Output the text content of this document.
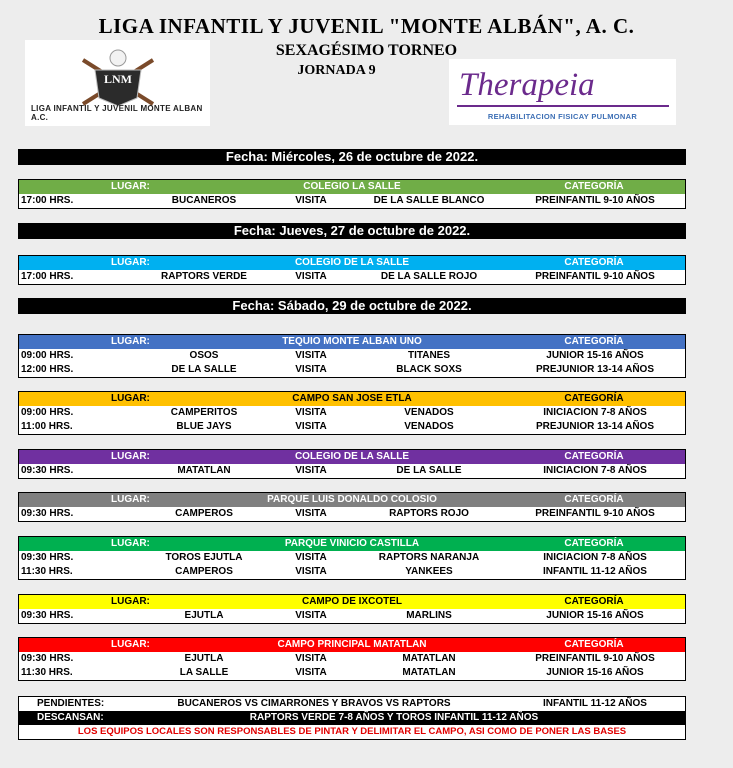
LIGA INFANTIL Y JUVENIL "MONTE ALBÁN", A. C.
SEXAGÉSIMO TORNEO
JORNADA 9
LNM
LIGA INFANTIL Y JUVENIL MONTE ALBAN A.C.
Therapeia
REHABILITACION FISICAY PULMONAR
Fecha: Miércoles, 26 de octubre de 2022.
Fecha: Jueves, 27 de octubre de 2022.
Fecha: Sábado, 29 de octubre de 2022.
COLEGIO LA SALLE
LUGAR:	CATEGORÍA
17:00 HRS.	BUCANEROS	VISITA	DE LA SALLE BLANCO	PREINFANTIL 9-10 AÑOS
COLEGIO DE LA SALLE
LUGAR:	CATEGORÍA
17:00 HRS.	RAPTORS VERDE	VISITA	DE LA SALLE ROJO	PREINFANTIL 9-10 AÑOS
TEQUIO MONTE ALBAN UNO
LUGAR:	CATEGORÍA
09:00 HRS.	OSOS	VISITA	TITANES	JUNIOR 15-16 AÑOS
12:00 HRS.	DE LA SALLE	VISITA	BLACK SOXS	PREJUNIOR 13-14 AÑOS
CAMPO SAN JOSE ETLA
LUGAR:	CATEGORÍA
09:00 HRS.	CAMPERITOS	VISITA	VENADOS	INICIACION 7-8 AÑOS
11:00 HRS.	BLUE JAYS	VISITA	VENADOS	PREJUNIOR 13-14 AÑOS
COLEGIO DE LA SALLE
LUGAR:	CATEGORÍA
09:30 HRS.	MATATLAN	VISITA	DE LA SALLE	INICIACION 7-8 AÑOS
PARQUE LUIS DONALDO COLOSIO
LUGAR:	CATEGORÍA
09:30 HRS.	CAMPEROS	VISITA	RAPTORS ROJO	PREINFANTIL 9-10 AÑOS
PARQUE VINICIO CASTILLA
LUGAR:	CATEGORÍA
09:30 HRS.	TOROS EJUTLA	VISITA	RAPTORS NARANJA	INICIACION 7-8 AÑOS
11:30 HRS.	CAMPEROS	VISITA	YANKEES	INFANTIL 11-12 AÑOS
CAMPO DE IXCOTEL
LUGAR:	CATEGORÍA
09:30 HRS.	EJUTLA	VISITA	MARLINS	JUNIOR 15-16 AÑOS
CAMPO PRINCIPAL MATATLAN
LUGAR:	CATEGORÍA
09:30 HRS.	EJUTLA	VISITA	MATATLAN	PREINFANTIL 9-10 AÑOS
11:30 HRS.	LA SALLE	VISITA	MATATLAN	JUNIOR 15-16 AÑOS
PENDIENTES:	BUCANEROS VS CIMARRONES Y BRAVOS VS RAPTORS	INFANTIL 11-12 AÑOS
DESCANSAN:	RAPTORS VERDE 7-8 AÑOS Y TOROS INFANTIL 11-12 AÑOS
LOS EQUIPOS LOCALES SON RESPONSABLES DE PINTAR Y DELIMITAR EL CAMPO, ASI COMO DE PONER LAS BASES
